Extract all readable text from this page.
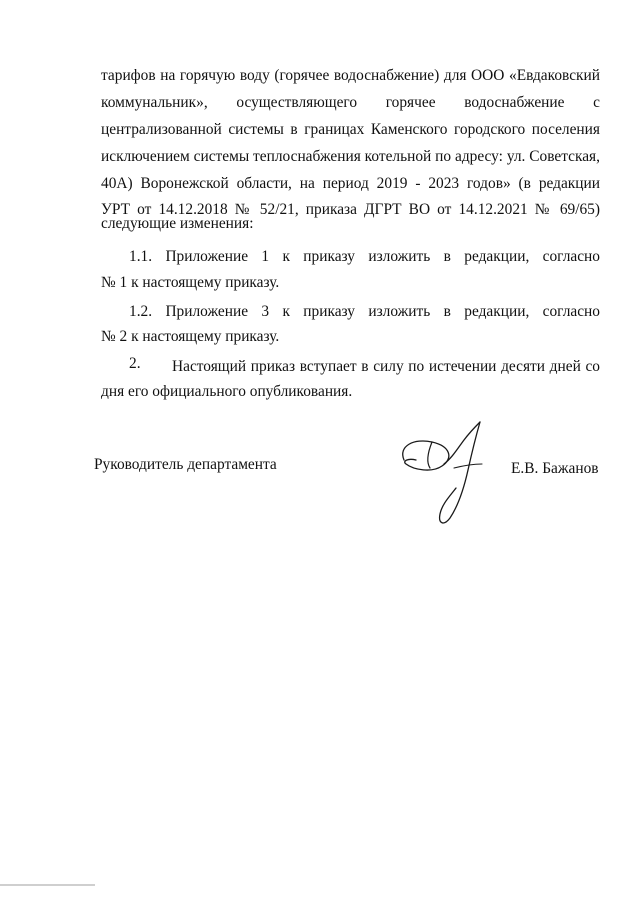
тарифов на горячую воду (горячее водоснабжение) для ООО «Евдаковский
коммунальник», осуществляющего горячее водоснабжение с
централизованной системы в границах Каменского городского поселения
исключением системы теплоснабжения котельной по адресу: ул. Советская,
40А) Воронежской области, на период 2019 - 2023 годов» (в редакции
УРТ от 14.12.2018 № 52/21, приказа ДГРТ ВО от 14.12.2021 № 69/65)
следующие изменения:
1.1. Приложение 1 к приказу изложить в редакции, согласно
№ 1 к настоящему приказу.
1.2. Приложение 3 к приказу изложить в редакции, согласно
№ 2 к настоящему приказу.
2. Настоящий приказ вступает в силу по истечении десяти дней со
дня его официального опубликования.
Руководитель департамента	Е.В. Бажанов
